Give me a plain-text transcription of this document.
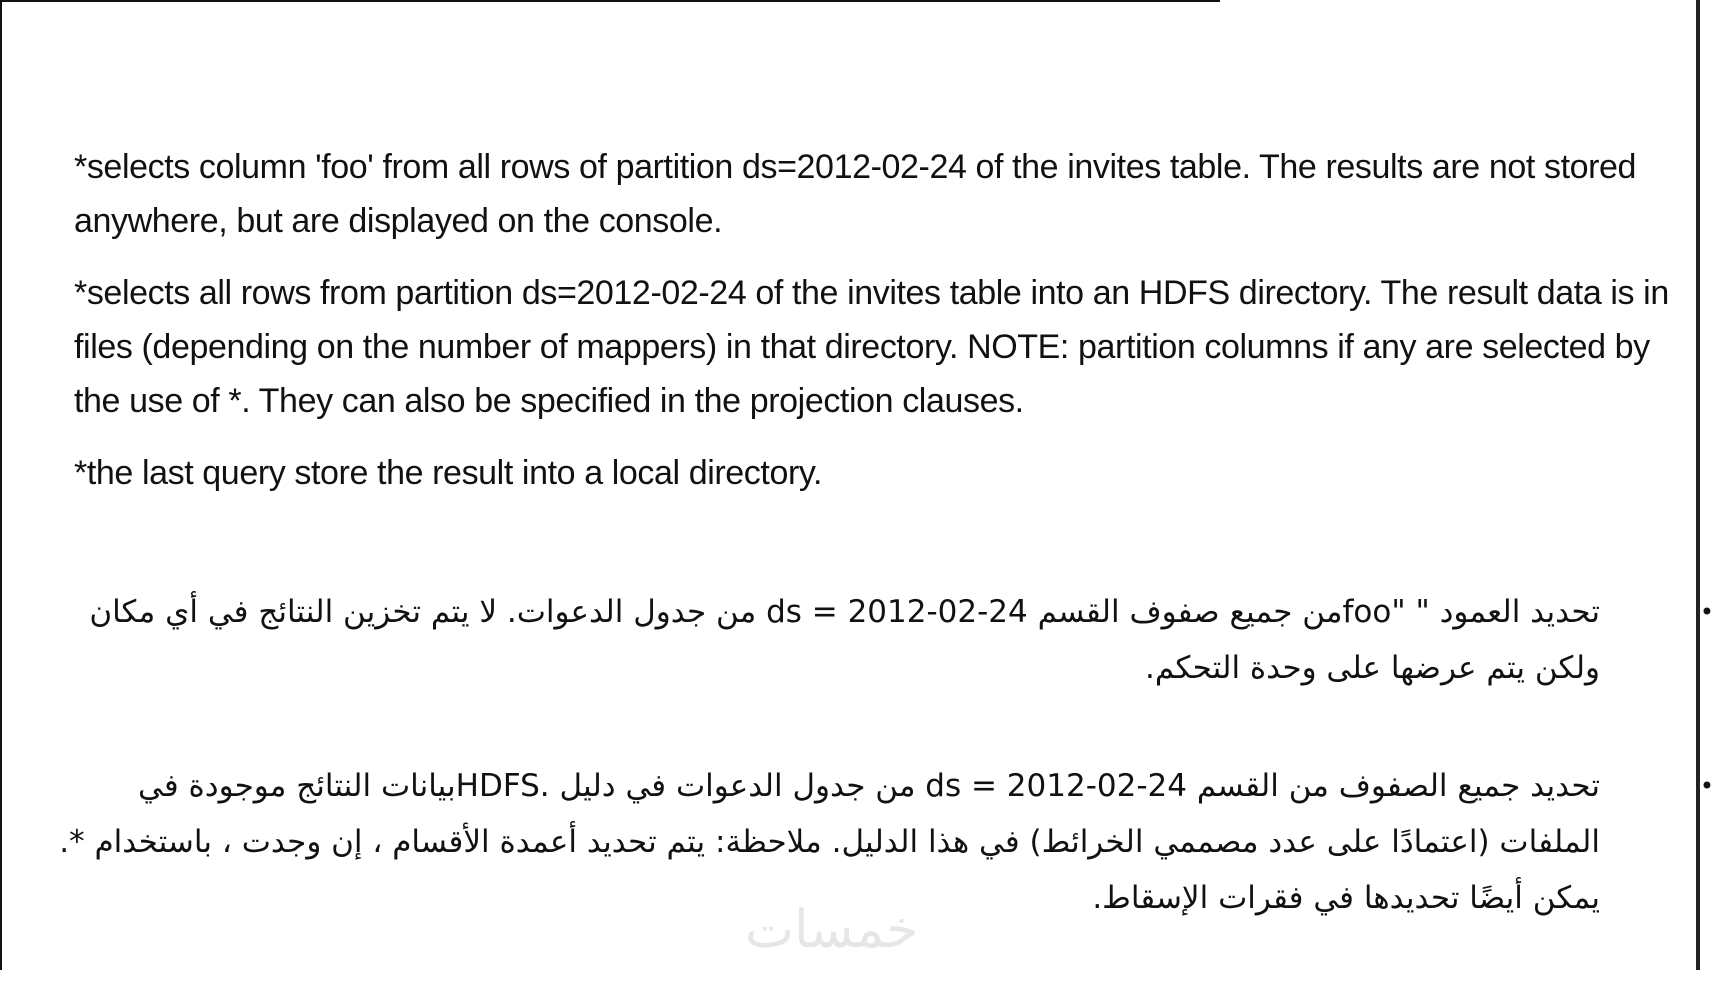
*selects column 'foo' from all rows of partition ds=2012-02-24 of the invites table. The results are not stored anywhere, but are displayed on the console.

*selects all rows from partition ds=2012-02-24 of the invites table into an HDFS directory. The result data is in files (depending on the number of mappers) in that directory. NOTE: partition columns if any are selected by the use of *. They can also be specified in the projection clauses.

*the last query store the result into a local directory.

•
تحديد العمود " "fooمن جميع صفوف القسم ds = 2012-02-24 من جدول الدعوات. لا يتم تخزين النتائج في أي مكان ولكن يتم عرضها على وحدة التحكم.
•
تحديد جميع الصفوف من القسم ds = 2012-02-24 من جدول الدعوات في دليل .HDFSبيانات النتائج موجودة في الملفات (اعتمادًا على عدد مصممي الخرائط) في هذا الدليل. ملاحظة: يتم تحديد أعمدة الأقسام ، إن وجدت ، باستخدام *. يمكن أيضًا تحديدها في فقرات الإسقاط.
خمسات
